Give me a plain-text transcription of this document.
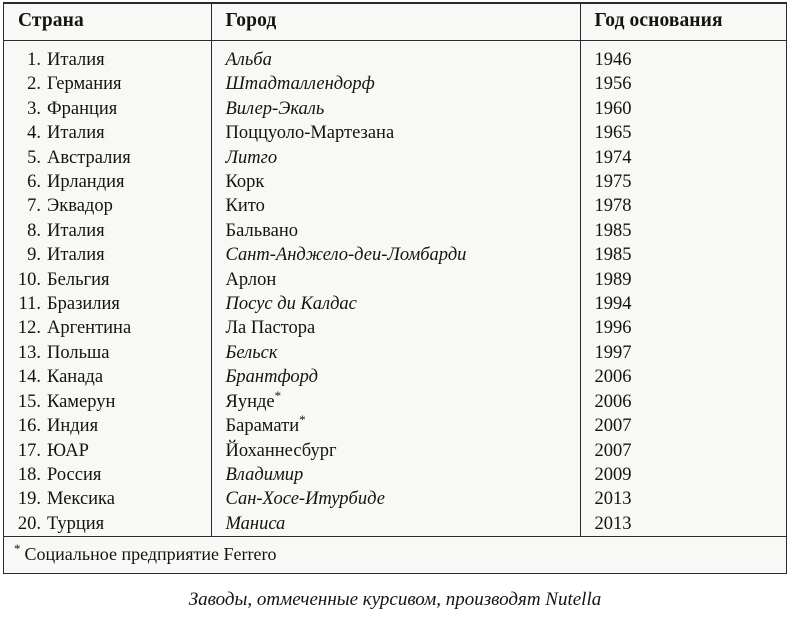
Страна	Город	Год основания
1. Италия	Альба	1946
2. Германия	Штадталлендорф	1956
3. Франция	Вилер-Экаль	1960
4. Италия	Поццуоло-Мартезана	1965
5. Австралия	Литго	1974
6. Ирландия	Корк	1975
7. Эквадор	Кито	1978
8. Италия	Бальвано	1985
9. Италия	Сант-Анджело-деи-Ломбарди	1985
10. Бельгия	Арлон	1989
11. Бразилия	Посус ди Калдас	1994
12. Аргентина	Ла Пастора	1996
13. Польша	Бельск	1997
14. Канада	Брантфорд	2006
15. Камерун	Яунде*	2006
16. Индия	Барамати*	2007
17. ЮАР	Йоханнесбург	2007
18. Россия	Владимир	2009
19. Мексика	Сан-Хосе-Итурбиде	2013
20. Турция	Маниса	2013
* Социальное предприятие Ferrero		
Заводы, отмеченные курсивом, производят Nutella
